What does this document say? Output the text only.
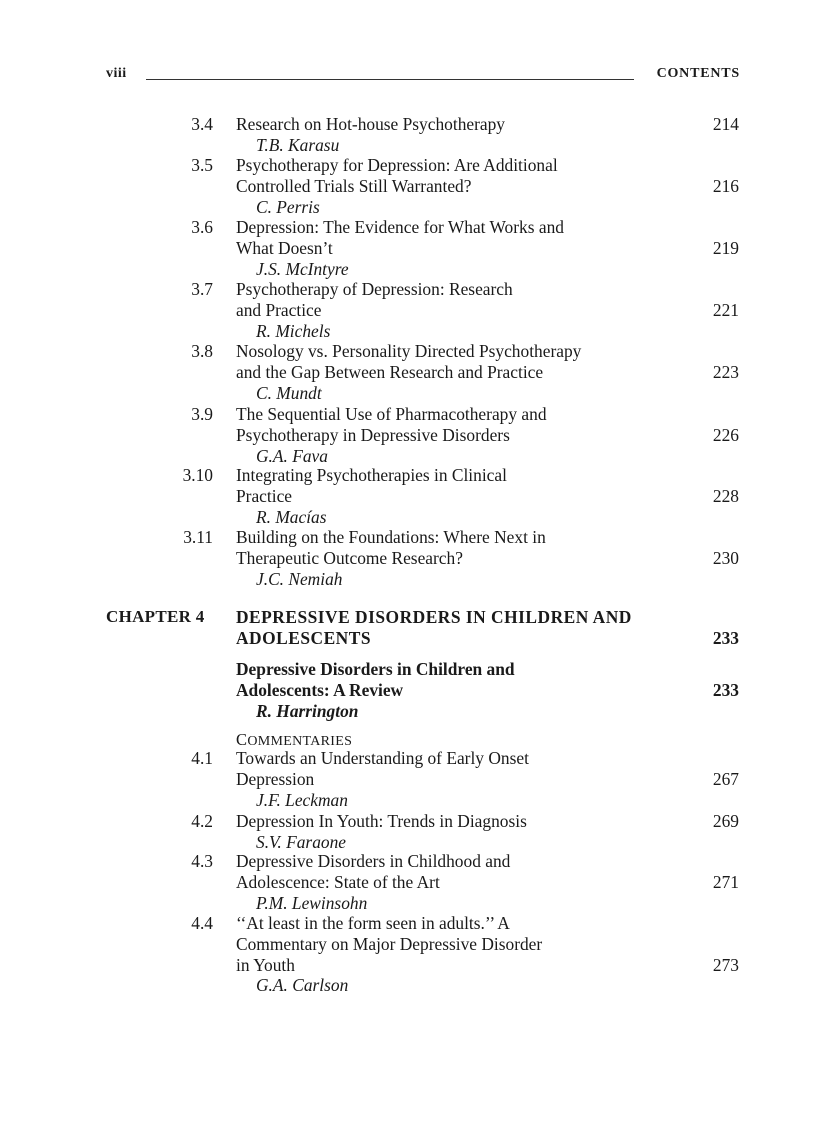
viii	CONTENTS
3.4 Research on Hot-house Psychotherapy
T.B. Karasu
214
3.5 Psychotherapy for Depression: Are Additional
Controlled Trials Still Warranted?
C. Perris
216
3.6 Depression: The Evidence for What Works and
What Doesn’t
J.S. McIntyre
219
3.7 Psychotherapy of Depression: Research
and Practice
R. Michels
221
3.8 Nosology vs. Personality Directed Psychotherapy
and the Gap Between Research and Practice
C. Mundt
223
3.9 The Sequential Use of Pharmacotherapy and
Psychotherapy in Depressive Disorders
G.A. Fava
226
3.10 Integrating Psychotherapies in Clinical
Practice
R. Macías
228
3.11 Building on the Foundations: Where Next in
Therapeutic Outcome Research?
J.C. Nemiah
230
CHAPTER 4 DEPRESSIVE DISORDERS IN CHILDREN AND
ADOLESCENTS	233
Depressive Disorders in Children and
Adolescents: A Review
R. Harrington
233
COMMENTARIES
4.1 Towards an Understanding of Early Onset
Depression
J.F. Leckman
267
4.2 Depression In Youth: Trends in Diagnosis
S.V. Faraone
269
4.3 Depressive Disorders in Childhood and
Adolescence: State of the Art
P.M. Lewinsohn
271
4.4 ‘‘At least in the form seen in adults.’’ A
Commentary on Major Depressive Disorder
in Youth
G.A. Carlson
273
